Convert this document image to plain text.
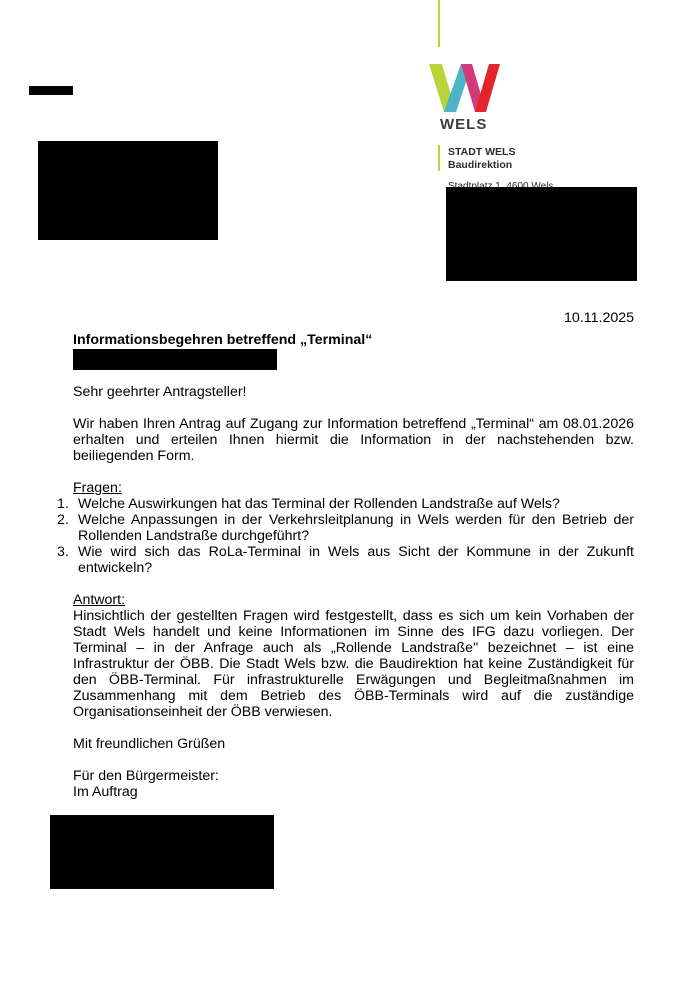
WELS
STADT WELS
Baudirektion
10.11.2025
Informationsbegehren betreffend „Terminal“

Sehr geehrter Antragsteller!

Wir haben Ihren Antrag auf Zugang zur Information betreffend „Terminal“ am 08.01.2026 erhalten und erteilen Ihnen hiermit die Information in der nachstehenden bzw. beiliegenden Form.

Fragen:

1. Welche Auswirkungen hat das Terminal der Rollenden Landstraße auf Wels?
2. Welche Anpassungen in der Verkehrsleitplanung in Wels werden für den Betrieb der Rollenden Landstraße durchgeführt?
3. Wie wird sich das RoLa-Terminal in Wels aus Sicht der Kommune in der Zukunft entwickeln?

Antwort:

Hinsichtlich der gestellten Fragen wird festgestellt, dass es sich um kein Vorhaben der Stadt Wels handelt und keine Informationen im Sinne des IFG dazu vorliegen. Der Terminal – in der Anfrage auch als „Rollende Landstraße" bezeichnet – ist eine Infrastruktur der ÖBB. Die Stadt Wels bzw. die Baudirektion hat keine Zuständigkeit für den ÖBB-Terminal. Für infrastrukturelle Erwägungen und Begleitmaßnahmen im Zusammenhang mit dem Betrieb des ÖBB-Terminals wird auf die zuständige Organisationseinheit der ÖBB verwiesen.

Mit freundlichen Grüßen

Für den Bürgermeister:

Im Auftrag
